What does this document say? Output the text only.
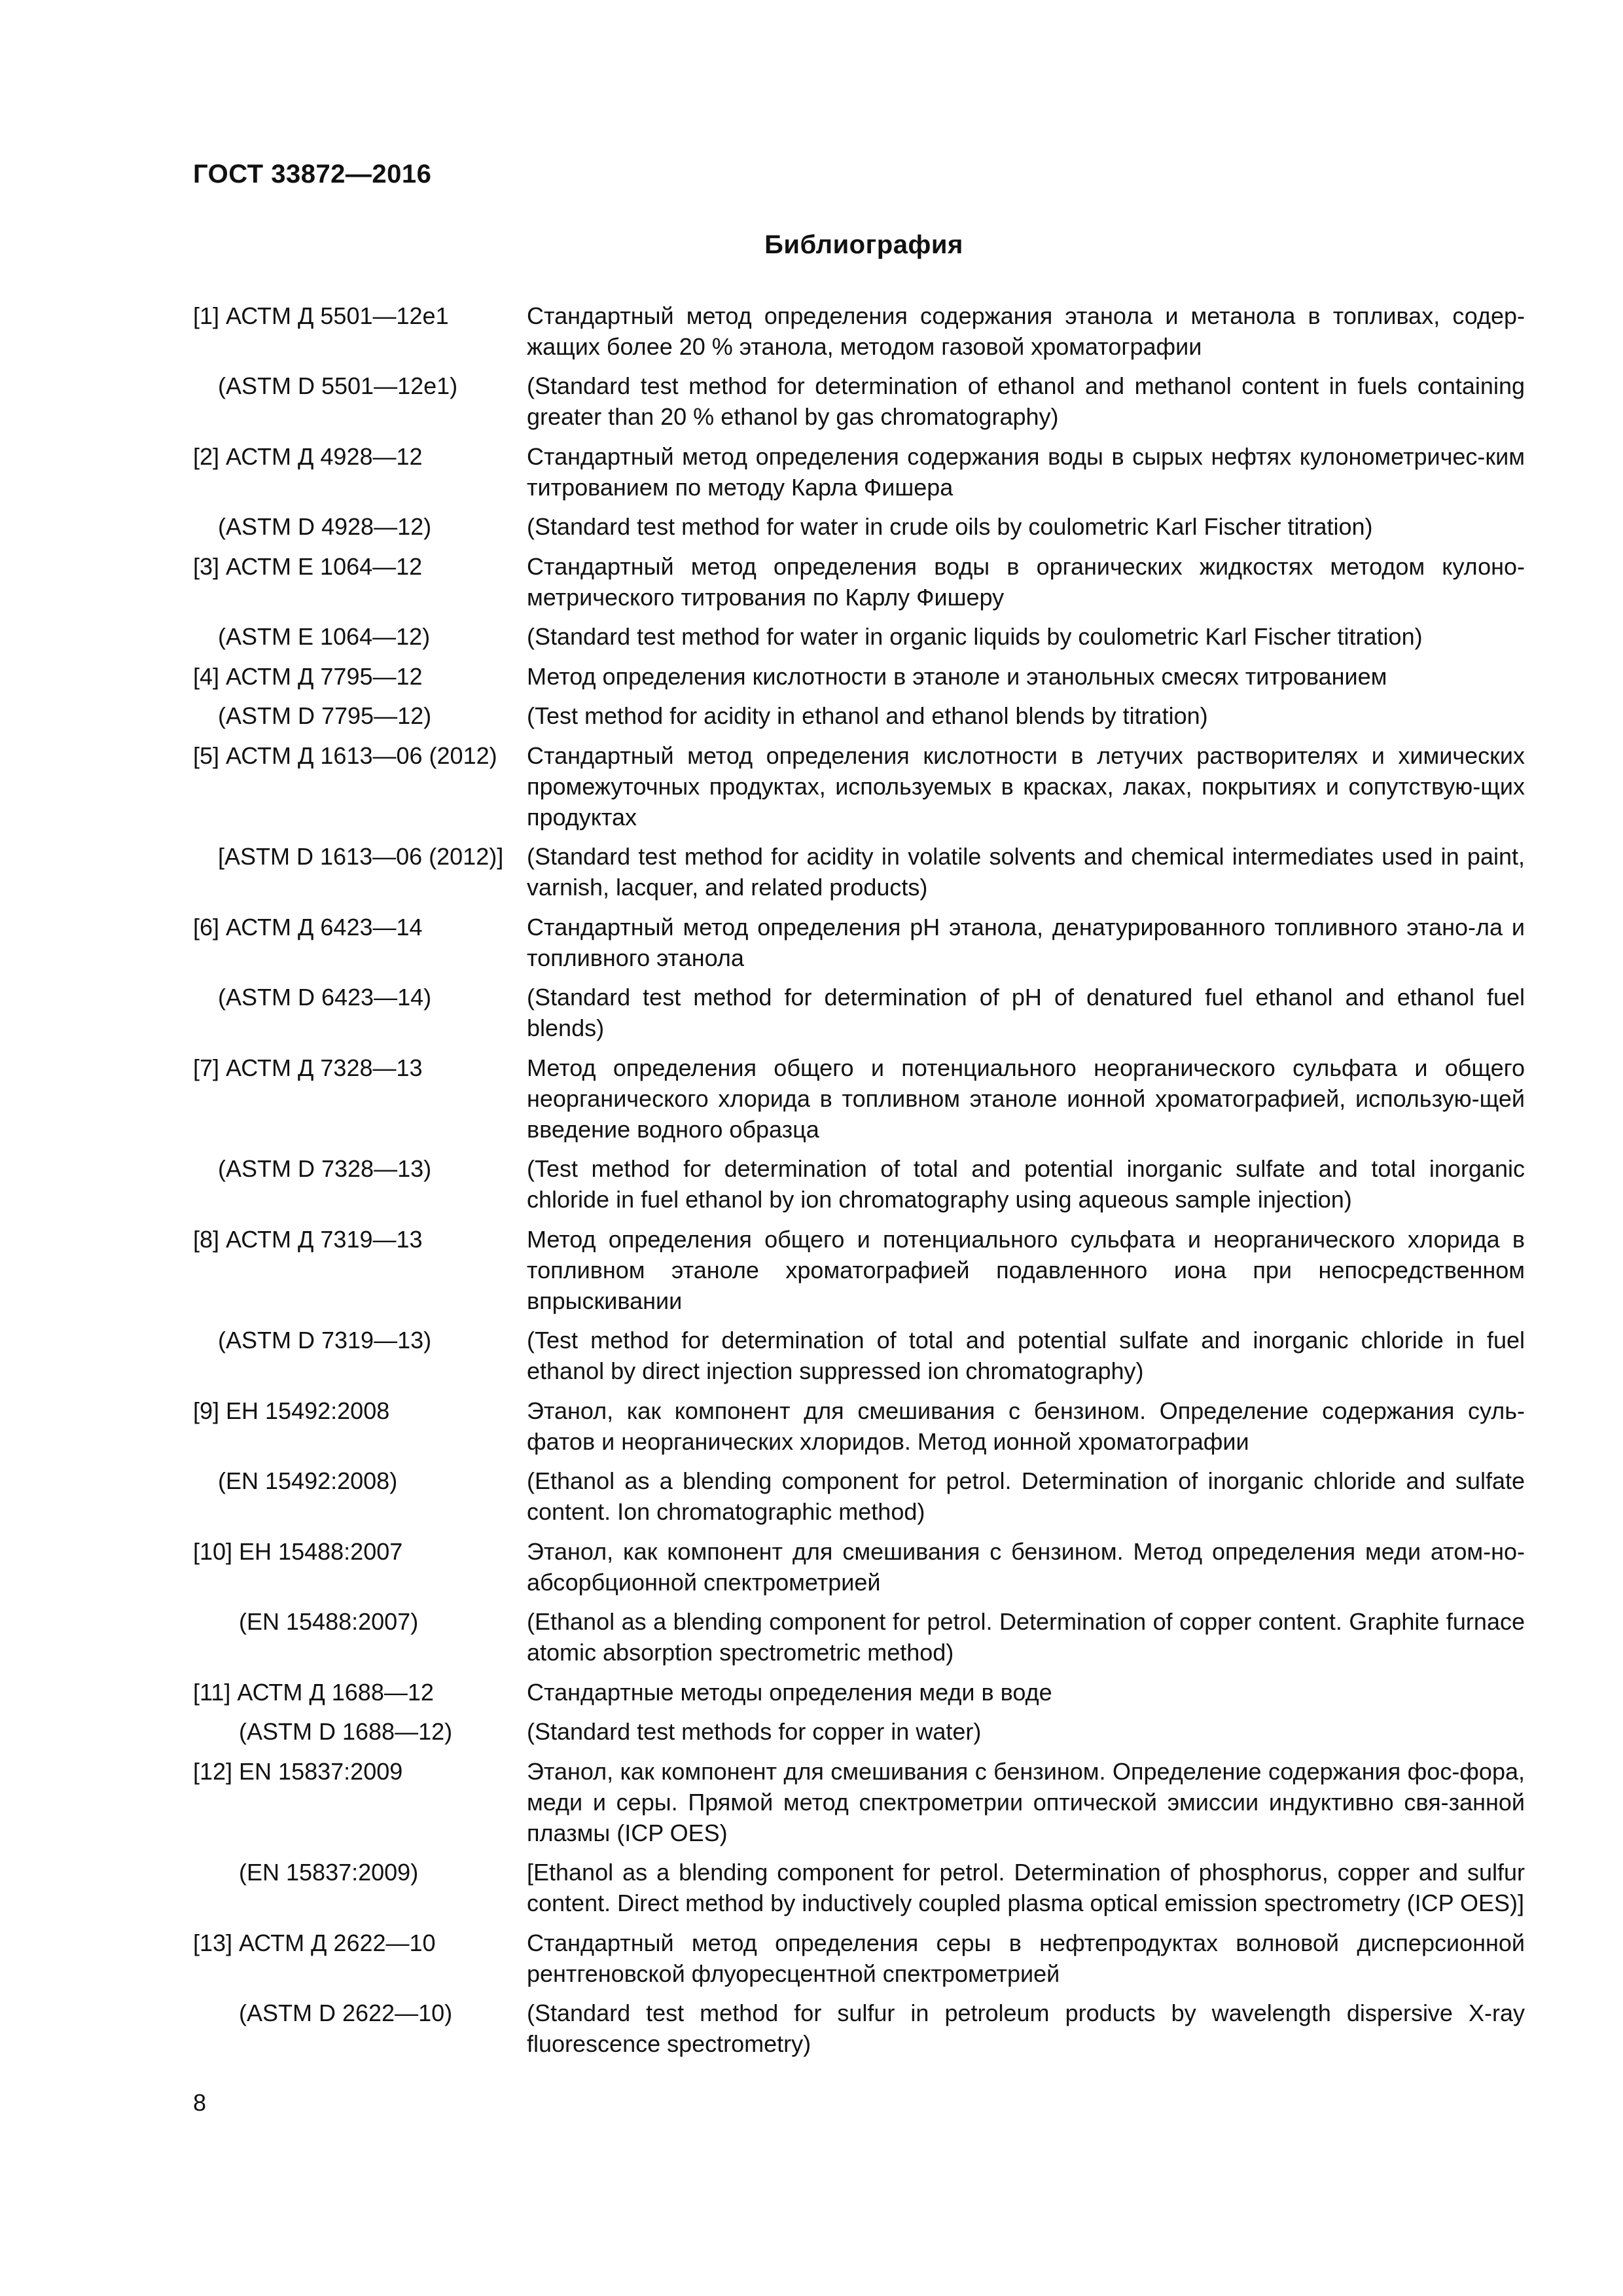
ГОСТ 33872—2016
Библиография
[1] АСТМ Д 5501—12e1	Стандартный метод определения содержания этанола и метанола в топливах, содер-жащих более 20 % этанола, методом газовой хроматографии
(ASTM D 5501—12e1)	(Standard test method for determination of ethanol and methanol content in fuels containing greater than 20 % ethanol by gas chromatography)
[2] АСТМ Д 4928—12	Стандартный метод определения содержания воды в сырых нефтях кулонометричес-ким титрованием по методу Карла Фишера
(ASTM D 4928—12)	(Standard test method for water in crude oils by coulometric Karl Fischer titration)
[3] АСТМ Е 1064—12	Стандартный метод определения воды в органических жидкостях методом кулоно-метрического титрования по Карлу Фишеру
(ASTM E 1064—12)	(Standard test method for water in organic liquids by coulometric Karl Fischer titration)
[4] АСТМ Д 7795—12	Метод определения кислотности в этаноле и этанольных смесях титрованием
(ASTM D 7795—12)	(Test method for acidity in ethanol and ethanol blends by titration)
[5] АСТМ Д 1613—06 (2012)	Стандартный метод определения кислотности в летучих растворителях и химических промежуточных продуктах, используемых в красках, лаках, покрытиях и сопутствую-щих продуктах
[ASTM D 1613—06 (2012)] (Standard test method for acidity in volatile solvents and chemical intermediates used in paint, varnish, lacquer, and related products)
[6] АСТМ Д 6423—14	Стандартный метод определения pH этанола, денатурированного топливного этано-ла и топливного этанола
(ASTM D 6423—14)	(Standard test method for determination of pH of denatured fuel ethanol and ethanol fuel blends)
[7] АСТМ Д 7328—13	Метод определения общего и потенциального неорганического сульфата и общего неорганического хлорида в топливном этаноле ионной хроматографией, использую-щей введение водного образца
(ASTM D 7328—13)	(Test method for determination of total and potential inorganic sulfate and total inorganic chloride in fuel ethanol by ion chromatography using aqueous sample injection)
[8] АСТМ Д 7319—13	Метод определения общего и потенциального сульфата и неорганического хлорида в топливном этаноле хроматографией подавленного иона при непосредственном впрыскивании
(ASTM D 7319—13)	(Test method for determination of total and potential sulfate and inorganic chloride in fuel ethanol by direct injection suppressed ion chromatography)
[9] ЕН 15492:2008	Этанол, как компонент для смешивания с бензином. Определение содержания суль-фатов и неорганических хлоридов. Метод ионной хроматографии
(EN 15492:2008)	(Ethanol as a blending component for petrol. Determination of inorganic chloride and sulfate content. Ion chromatographic method)
[10] ЕН 15488:2007	Этанол, как компонент для смешивания с бензином. Метод определения меди атом-но-абсорбционной спектрометрией
(EN 15488:2007)	(Ethanol as a blending component for petrol. Determination of copper content. Graphite furnace atomic absorption spectrometric method)
[11] АСТМ Д 1688—12	Стандартные методы определения меди в воде
(ASTM D 1688—12)	(Standard test methods for copper in water)
[12] EN 15837:2009	Этанол, как компонент для смешивания с бензином. Определение содержания фос-фора, меди и серы. Прямой метод спектрометрии оптической эмиссии индуктивно свя-занной плазмы (ICP OES)
(EN 15837:2009)	[Ethanol as a blending component for petrol. Determination of phosphorus, copper and sulfur content. Direct method by inductively coupled plasma optical emission spectrometry (ICP OES)]
[13] АСТМ Д 2622—10	Стандартный метод определения серы в нефтепродуктах волновой дисперсионной рентгеновской флуоресцентной спектрометрией
(ASTM D 2622—10)	(Standard test method for sulfur in petroleum products by wavelength dispersive X-ray fluorescence spectrometry)
8
